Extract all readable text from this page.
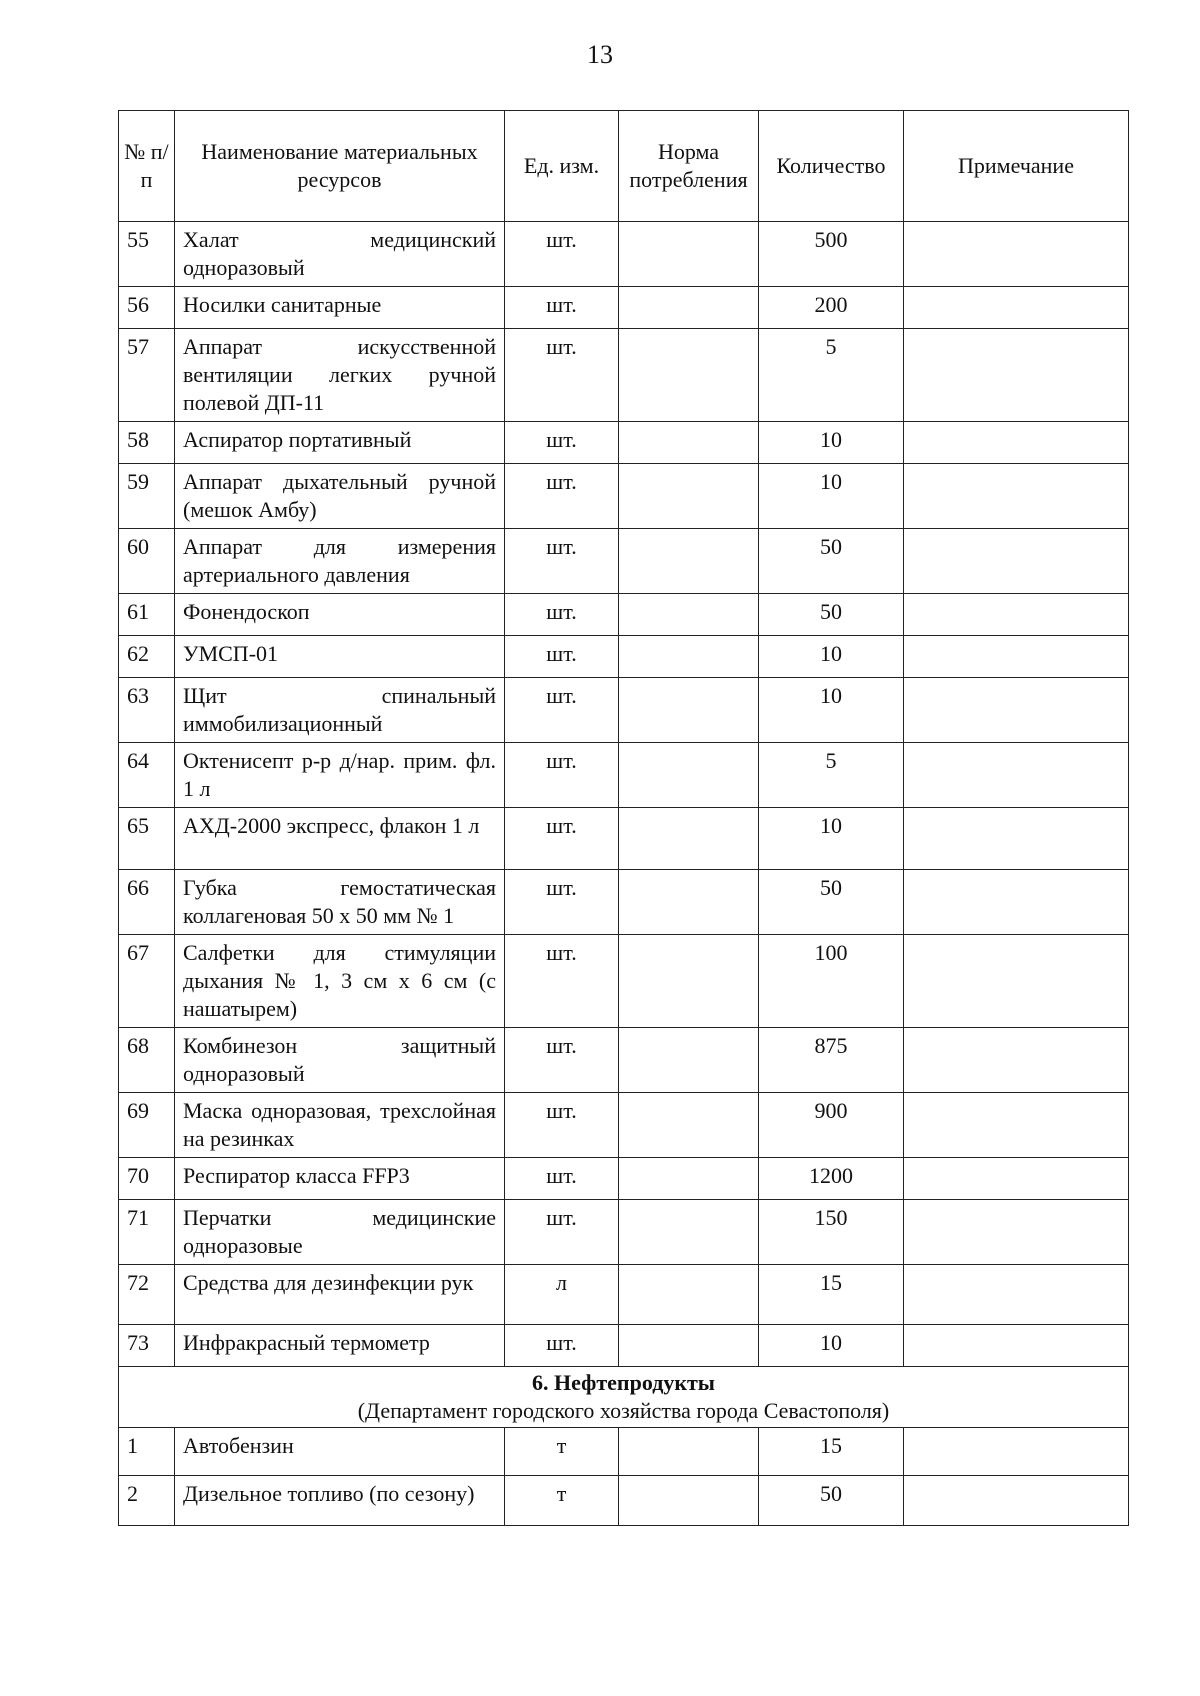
13
№ п/п	Наименование материальных ресурсов	Ед. изм.	Норма потребления	Количество	Примечание
55	Халат медицинский одноразовый	шт.		500	
56	Носилки санитарные	шт.		200	
57	Аппарат искусственной вентиляции легких ручной полевой ДП-11	шт.		5	
58	Аспиратор портативный	шт.		10	
59	Аппарат дыхательный ручной (мешок Амбу)	шт.		10	
60	Аппарат для измерения артериального давления	шт.		50	
61	Фонендоскоп	шт.		50	
62	УМСП-01	шт.		10	
63	Щит спинальный иммобилизационный	шт.		10	
64	Октенисепт р-р д/нар. прим. фл. 1 л	шт.		5	
65	АХД-2000 экспресс, флакон 1 л	шт.		10	
66	Губка гемостатическая коллагеновая 50 х 50 мм № 1	шт.		50	
67	Салфетки для стимуляции дыхания № 1, 3 см х 6 см (с нашатырем)	шт.		100	
68	Комбинезон защитный одноразовый	шт.		875	
69	Маска одноразовая, трехслойная на резинках	шт.		900	
70	Респиратор класса FFP3	шт.		1200	
71	Перчатки медицинские одноразовые	шт.		150	
72	Средства для дезинфекции рук	л		15	
73	Инфракрасный термометр	шт.		10	

6. Нефтепродукты
(Департамент городского хозяйства города Севастополя)					

1	Автобензин	т		15	
2	Дизельное топливо (по сезону)	т		50	
